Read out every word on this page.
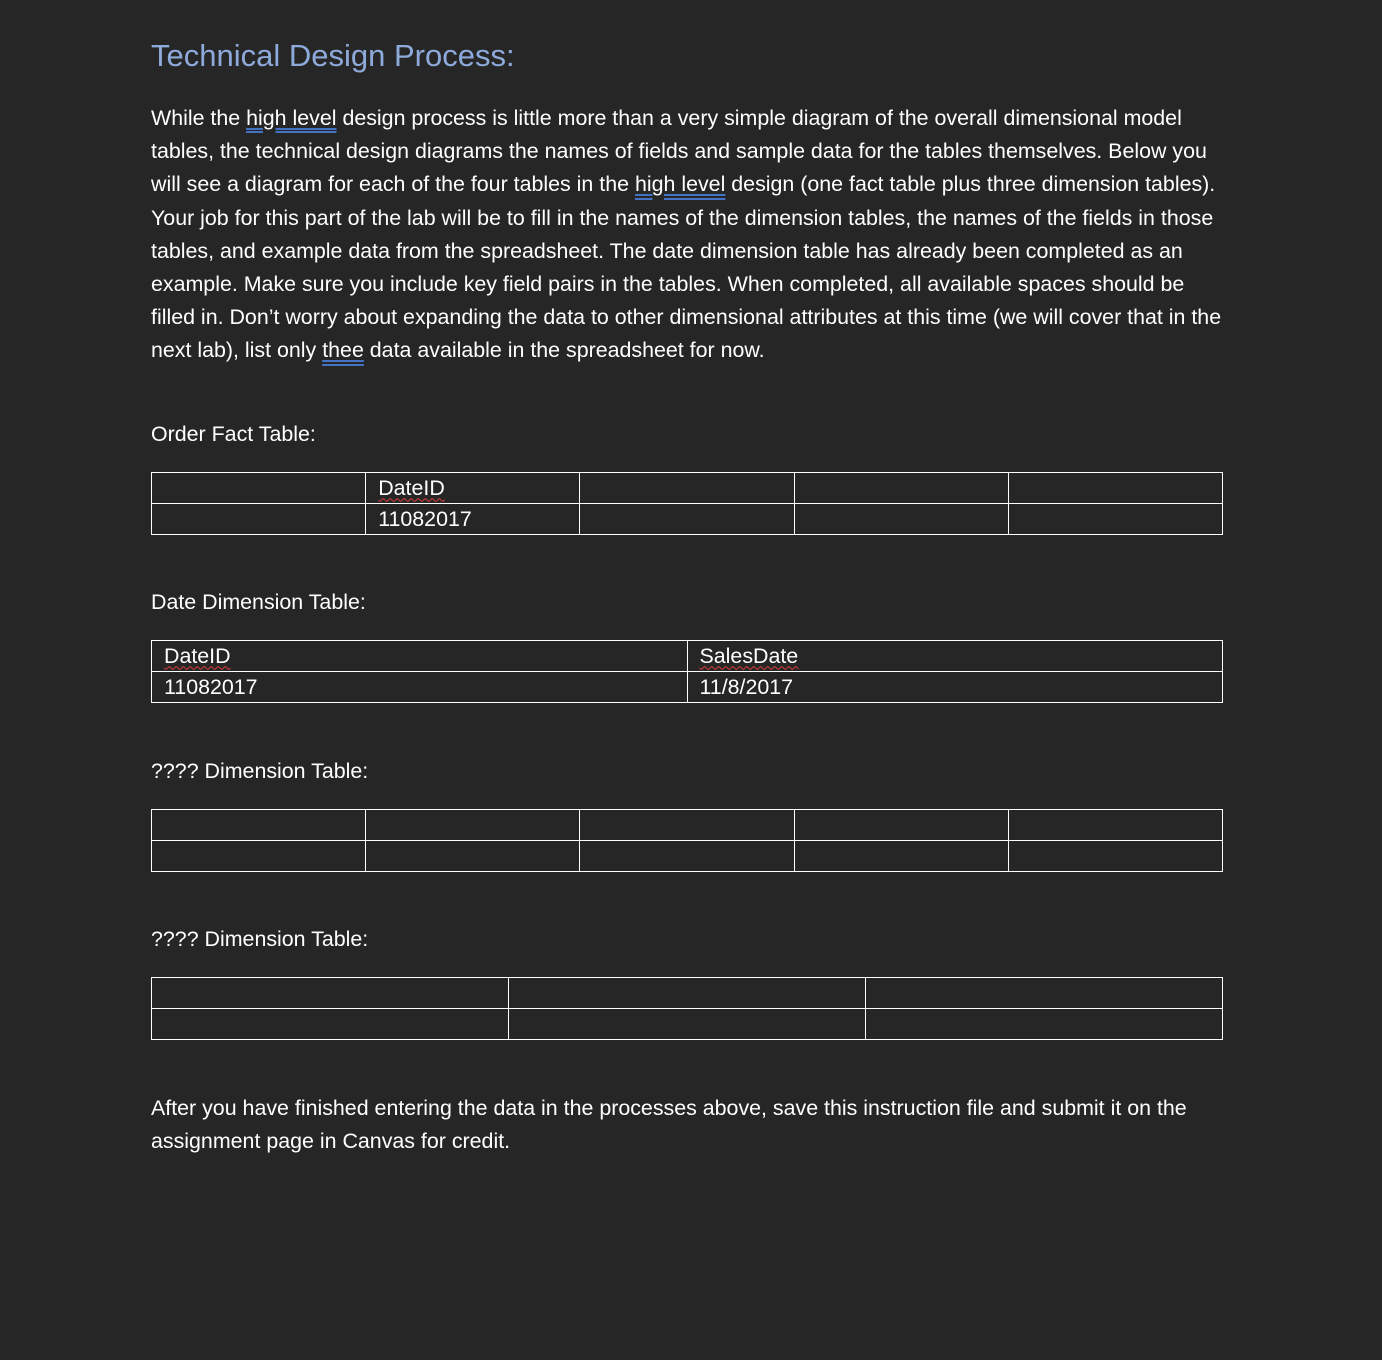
Technical Design Process:

While the high level design process is little more than a very simple diagram of the overall dimensional model tables, the technical design diagrams the names of fields and sample data for the tables themselves. Below you will see a diagram for each of the four tables in the high level design (one fact table plus three dimension tables). Your job for this part of the lab will be to fill in the names of the dimension tables, the names of the fields in those tables, and example data from the spreadsheet. The date dimension table has already been completed as an example. Make sure you include key field pairs in the tables. When completed, all available spaces should be filled in. Don’t worry about expanding the data to other dimensional attributes at this time (we will cover that in the next lab), list only thee data available in the spreadsheet for now.

Order Fact Table:

	DateID			
	11082017			

Date Dimension Table:

DateID	SalesDate
11082017	11/8/2017

???? Dimension Table:

???? Dimension Table:

After you have finished entering the data in the processes above, save this instruction file and submit it on the assignment page in Canvas for credit.
